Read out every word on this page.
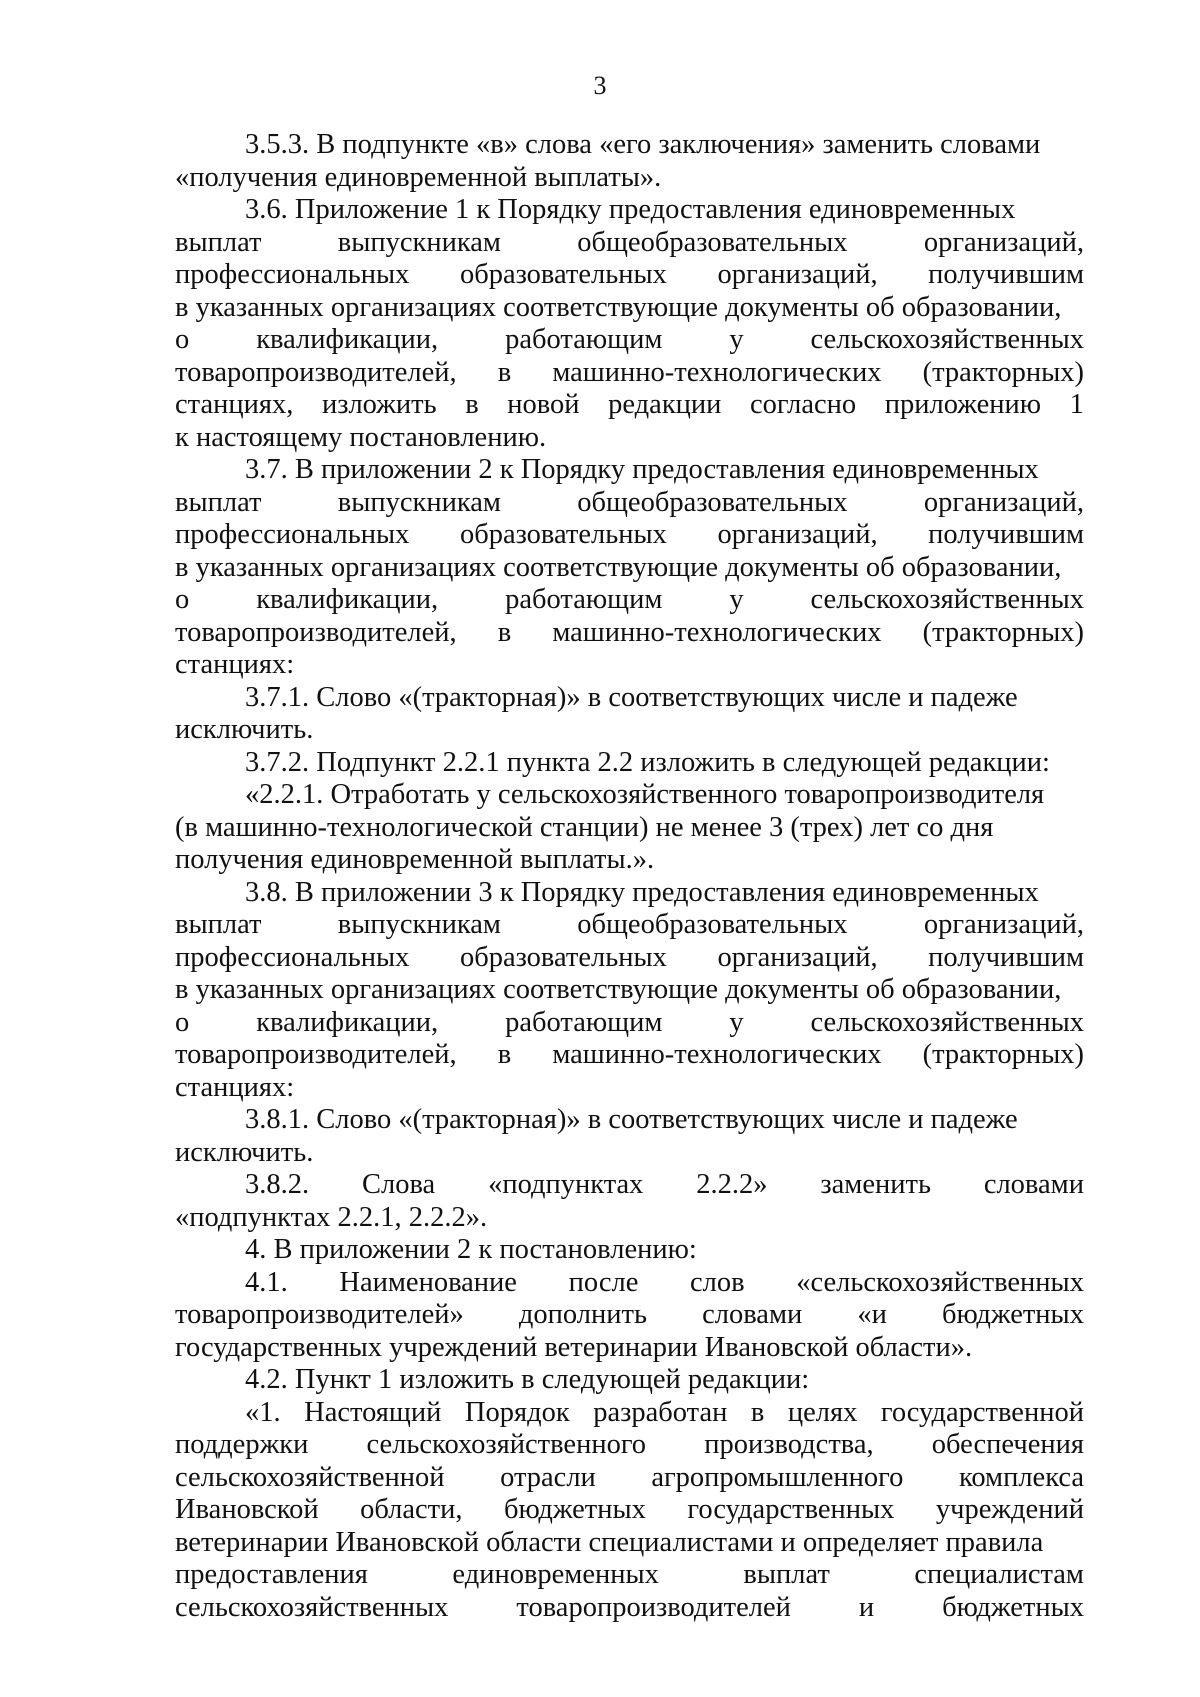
3
3.5.3. В подпункте «в» слова «его заключения» заменить словами
«получения единовременной выплаты».
3.6. Приложение 1 к Порядку предоставления единовременных
выплат	выпускникам	общеобразовательных	организаций,
профессиональных образовательных организаций, получившим
в указанных организациях соответствующие документы об образовании,
о квалификации, работающим у сельскохозяйственных
товаропроизводителей, в машинно-технологических (тракторных)
станциях, изложить в новой редакции согласно приложению 1
к настоящему постановлению.
3.7. В приложении 2 к Порядку предоставления единовременных
выплат	выпускникам	общеобразовательных	организаций,
профессиональных образовательных организаций, получившим
в указанных организациях соответствующие документы об образовании,
о квалификации, работающим у сельскохозяйственных
товаропроизводителей, в машинно-технологических (тракторных)
станциях:
3.7.1. Слово «(тракторная)» в соответствующих числе и падеже
исключить.
3.7.2. Подпункт 2.2.1 пункта 2.2 изложить в следующей редакции:
«2.2.1. Отработать у сельскохозяйственного товаропроизводителя
(в машинно-технологической станции) не менее 3 (трех) лет со дня
получения единовременной выплаты.».
3.8. В приложении 3 к Порядку предоставления единовременных
выплат	выпускникам	общеобразовательных	организаций,
профессиональных образовательных организаций, получившим
в указанных организациях соответствующие документы об образовании,
о квалификации, работающим у сельскохозяйственных
товаропроизводителей, в машинно-технологических (тракторных)
станциях:
3.8.1. Слово «(тракторная)» в соответствующих числе и падеже
исключить.
3.8.2. Слова «подпунктах 2.2.2» заменить словами
«подпунктах 2.2.1, 2.2.2».
4. В приложении 2 к постановлению:
4.1. Наименование после слов «сельскохозяйственных
товаропроизводителей» дополнить словами «и бюджетных
государственных учреждений ветеринарии Ивановской области».
4.2. Пункт 1 изложить в следующей редакции:
«1. Настоящий Порядок разработан в целях государственной
поддержки сельскохозяйственного производства, обеспечения
сельскохозяйственной отрасли агропромышленного комплекса
Ивановской области, бюджетных государственных учреждений
ветеринарии Ивановской области специалистами и определяет правила
предоставления	единовременных	выплат	специалистам
сельскохозяйственных товаропроизводителей и бюджетных
